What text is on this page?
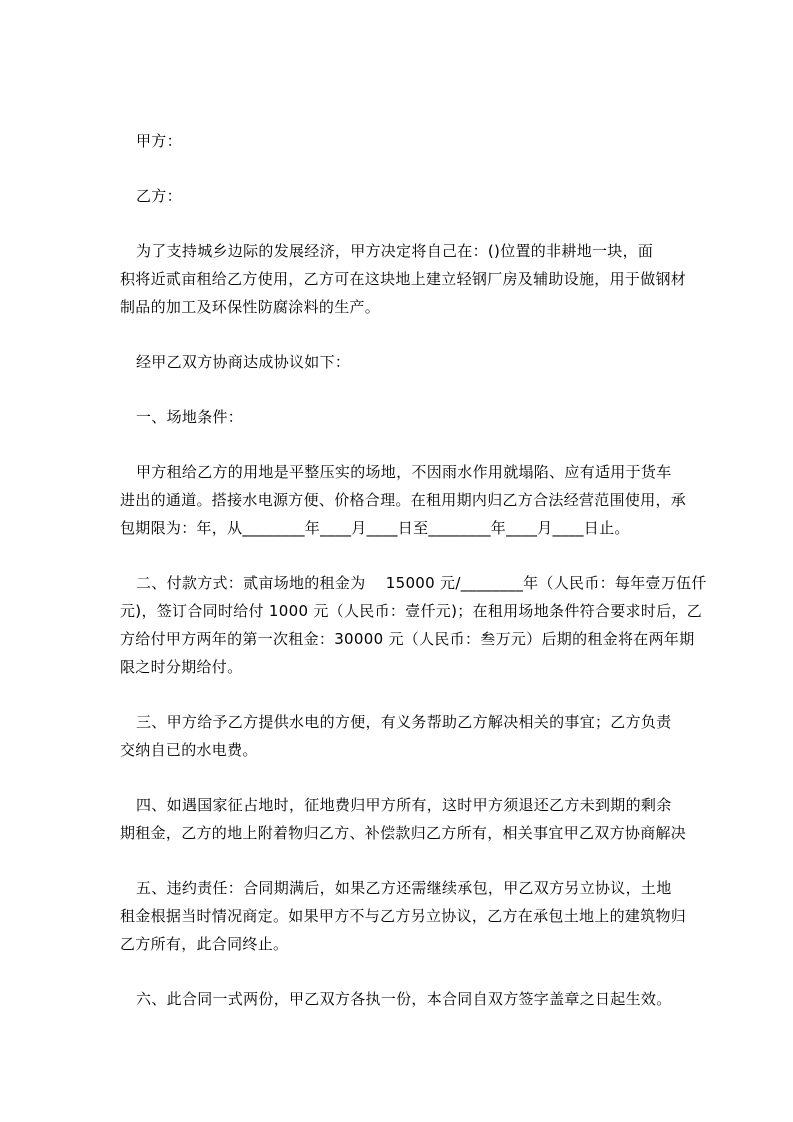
甲方：
乙方：
为了支持城乡边际的发展经济，甲方决定将自己在：()位置的非耕地一块，面
积将近贰亩租给乙方使用，乙方可在这块地上建立轻钢厂房及辅助设施，用于做钢材
制品的加工及环保性防腐涂料的生产。
经甲乙双方协商达成协议如下：
一、场地条件：
甲方租给乙方的用地是平整压实的场地，不因雨水作用就塌陷、应有适用于货车
进出的通道。搭接水电源方便、价格合理。在租用期内归乙方合法经营范围使用，承
包期限为：年，从________年____月____日至________年____月____日止。
二、付款方式：贰亩场地的租金为    15000 元/________年（人民币：每年壹万伍仟
元)，签订合同时给付 1000 元（人民币：壹仟元)；在租用场地条件符合要求时后，乙
方给付甲方两年的第一次租金：30000 元（人民币：叁万元）后期的租金将在两年期
限之时分期给付。
三、甲方给予乙方提供水电的方便，有义务帮助乙方解决相关的事宜；乙方负责
交纳自已的水电费。
四、如遇国家征占地时，征地费归甲方所有，这时甲方须退还乙方未到期的剩余
期租金，乙方的地上附着物归乙方、补偿款归乙方所有，相关事宜甲乙双方协商解决
五、违约责任：合同期满后，如果乙方还需继续承包，甲乙双方另立协议，土地
租金根据当时情况商定。如果甲方不与乙方另立协议，乙方在承包土地上的建筑物归
乙方所有，此合同终止。
六、此合同一式两份，甲乙双方各执一份，本合同自双方签字盖章之日起生效。
